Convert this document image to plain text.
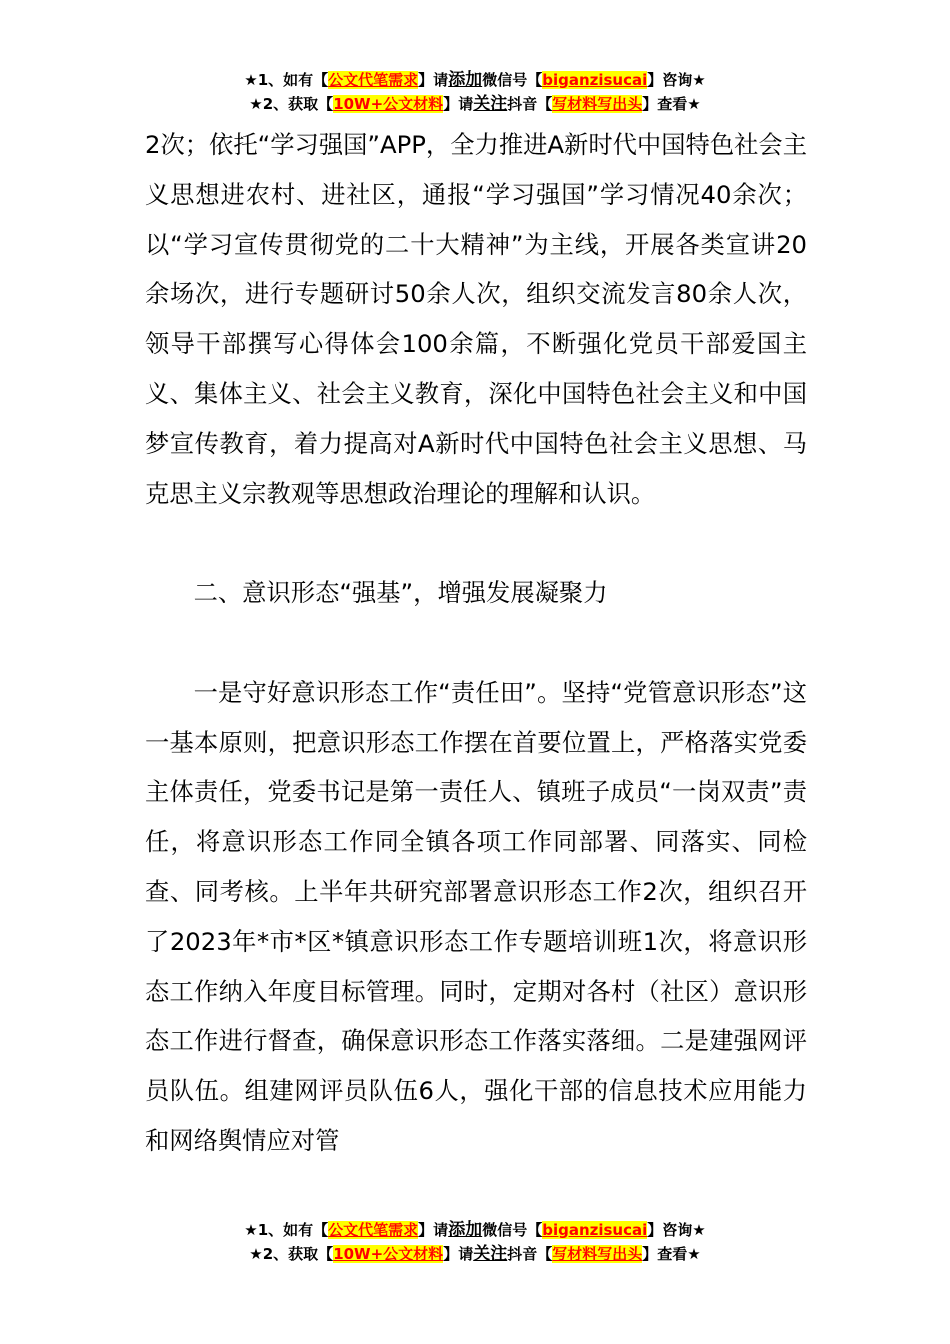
★1、如有【公文代笔需求】请添加微信号【biganzisucai】咨询★
★2、获取【10W+公文材料】请关注抖音【写材料写出头】查看★

2次；依托“学习强国”APP，全力推进A新时代中国特色社会主义思想进农村、进社区，通报“学习强国”学习情况40余次；以“学习宣传贯彻党的二十大精神”为主线，开展各类宣讲20余场次，进行专题研讨50余人次，组织交流发言80余人次，领导干部撰写心得体会100余篇，不断强化党员干部爱国主义、集体主义、社会主义教育，深化中国特色社会主义和中国梦宣传教育，着力提高对A新时代中国特色社会主义思想、马克思主义宗教观等思想政治理论的理解和认识。

二、意识形态“强基”，增强发展凝聚力

一是守好意识形态工作“责任田”。坚持“党管意识形态”这一基本原则，把意识形态工作摆在首要位置上，严格落实党委主体责任，党委书记是第一责任人、镇班子成员“一岗双责”责任，将意识形态工作同全镇各项工作同部署、同落实、同检查、同考核。上半年共研究部署意识形态工作2次，组织召开了2023年*市*区*镇意识形态工作专题培训班1次，将意识形态工作纳入年度目标管理。同时，定期对各村（社区）意识形态工作进行督查，确保意识形态工作落实落细。二是建强网评员队伍。组建网评员队伍6人，强化干部的信息技术应用能力和网络舆情应对管

★1、如有【公文代笔需求】请添加微信号【biganzisucai】咨询★
★2、获取【10W+公文材料】请关注抖音【写材料写出头】查看★
